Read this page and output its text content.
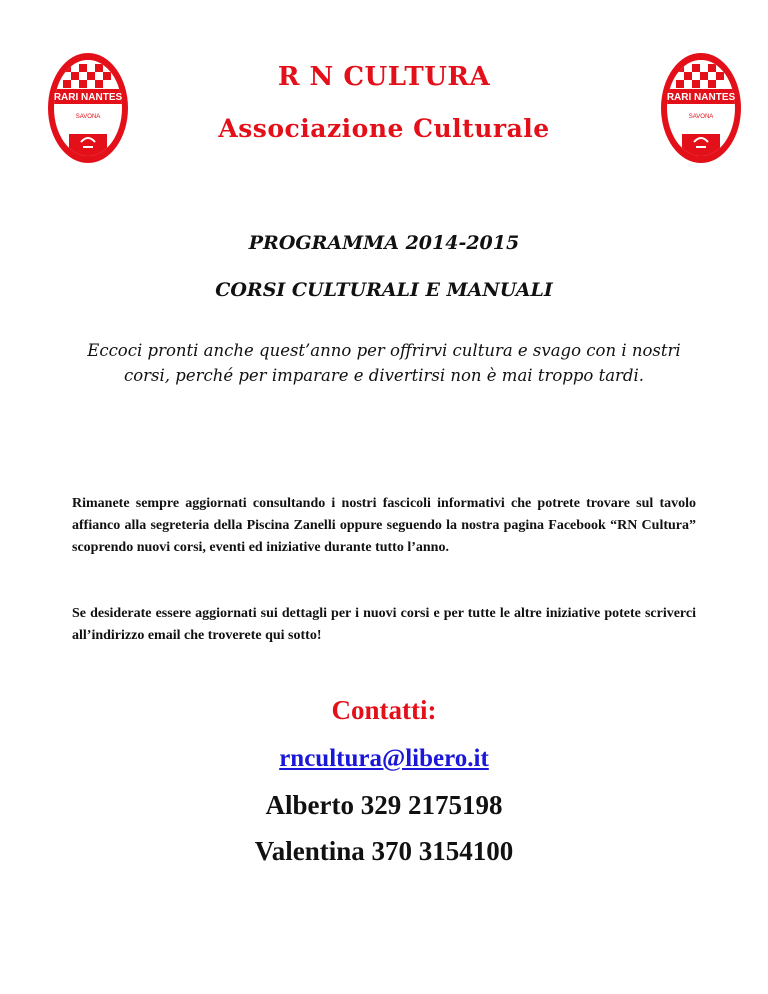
RARI NANTES
SAVONA
RARI NANTES
SAVONA
R N CULTURA
Associazione Culturale
PROGRAMMA 2014-2015
CORSI CULTURALI E MANUALI
Eccoci pronti anche quest’anno per offrirvi cultura e svago con i nostri corsi, perché per imparare e divertirsi non è mai troppo tardi.
Rimanete sempre aggiornati consultando i nostri fascicoli informativi che potrete trovare sul tavolo affianco alla segreteria della Piscina Zanelli oppure seguendo la nostra pagina Facebook “RN Cultura” scoprendo nuovi corsi, eventi ed iniziative durante tutto l’anno.
Se desiderate essere aggiornati sui dettagli per i nuovi corsi e per tutte le altre iniziative potete scriverci all’indirizzo email che troverete qui sotto!
Contatti:
rncultura@libero.it
Alberto 329 2175198
Valentina 370 3154100
